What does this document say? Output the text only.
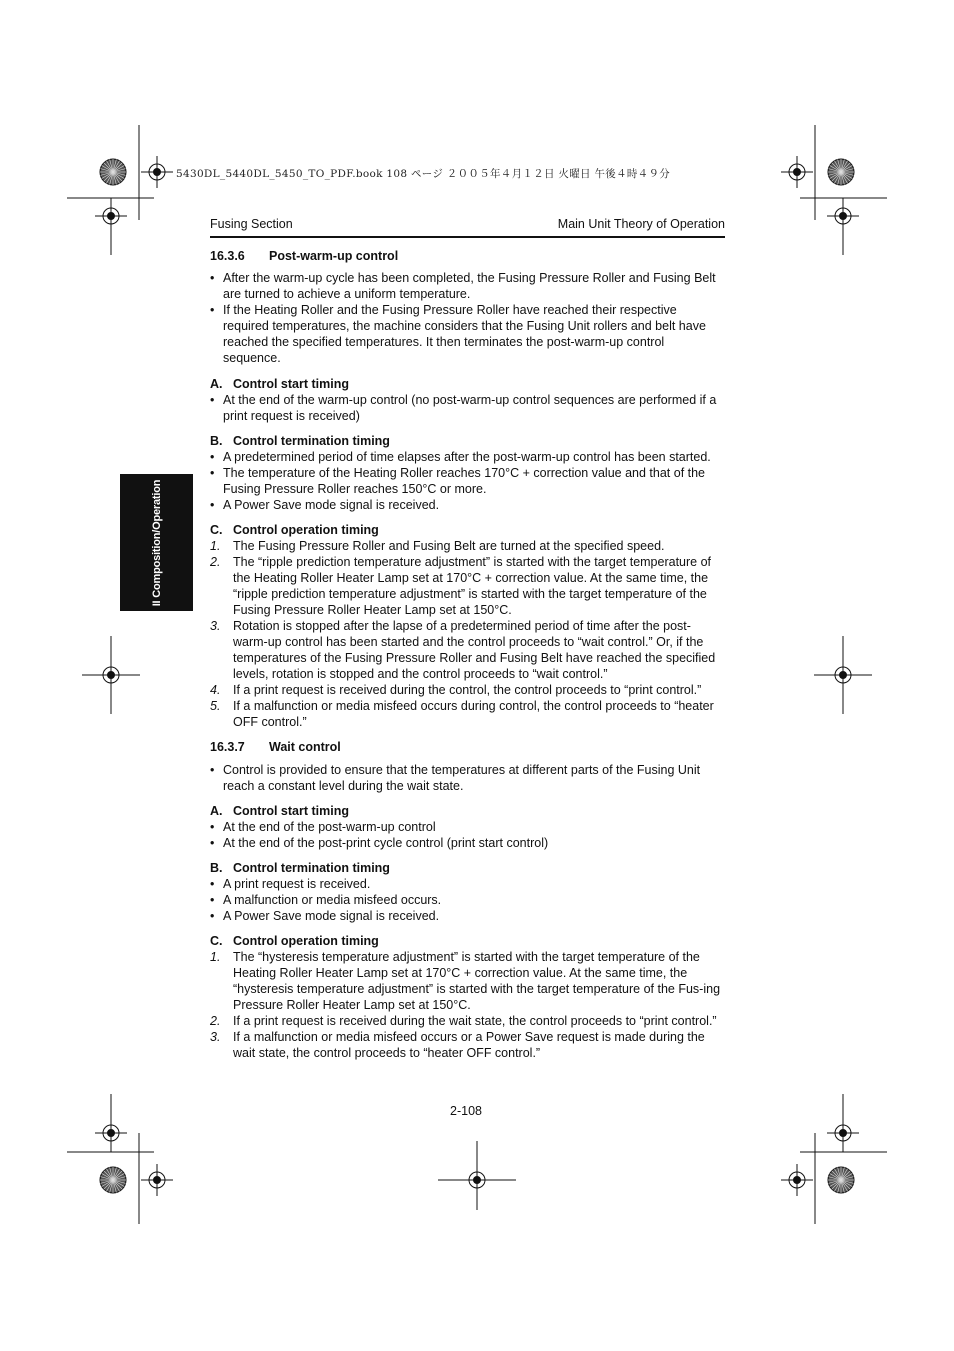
5430DL_5440DL_5450_TO_PDF.book 108 ページ ２００５年４月１２日 火曜日 午後４時４９分
Fusing Section	Main Unit Theory of Operation
II Composition/Operation

16.3.6 Post-warm-up control

• After the warm-up cycle has been completed, the Fusing Pressure Roller and Fusing Belt are turned to achieve a uniform temperature.
• If the Heating Roller and the Fusing Pressure Roller have reached their respective required temperatures, the machine considers that the Fusing Unit rollers and belt have reached the specified temperatures. It then terminates the post-warm-up control sequence.

A. Control start timing

• At the end of the warm-up control (no post-warm-up control sequences are performed if a print request is received)

B. Control termination timing

• A predetermined period of time elapses after the post-warm-up control has been started.
• The temperature of the Heating Roller reaches 170°C + correction value and that of the Fusing Pressure Roller reaches 150°C or more.
• A Power Save mode signal is received.

C. Control operation timing

1. The Fusing Pressure Roller and Fusing Belt are turned at the specified speed.
2. The “ripple prediction temperature adjustment” is started with the target temperature of the Heating Roller Heater Lamp set at 170°C + correction value. At the same time, the “ripple prediction temperature adjustment” is started with the target temperature of the Fusing Pressure Roller Heater Lamp set at 150°C.
3. Rotation is stopped after the lapse of a predetermined period of time after the post-warm-up control has been started and the control proceeds to “wait control.” Or, if the temperatures of the Fusing Pressure Roller and Fusing Belt have reached the specified levels, rotation is stopped and the control proceeds to “wait control.”
4. If a print request is received during the control, the control proceeds to “print control.”
5. If a malfunction or media misfeed occurs during control, the control proceeds to “heater OFF control.”

16.3.7 Wait control

• Control is provided to ensure that the temperatures at different parts of the Fusing Unit reach a constant level during the wait state.

A. Control start timing

• At the end of the post-warm-up control
• At the end of the post-print cycle control (print start control)

B. Control termination timing

• A print request is received.
• A malfunction or media misfeed occurs.
• A Power Save mode signal is received.

C. Control operation timing

1. The “hysteresis temperature adjustment” is started with the target temperature of the Heating Roller Heater Lamp set at 170°C + correction value. At the same time, the “hysteresis temperature adjustment” is started with the target temperature of the Fus-ing Pressure Roller Heater Lamp set at 150°C.
2. If a print request is received during the wait state, the control proceeds to “print control.”
3. If a malfunction or media misfeed occurs or a Power Save request is made during the wait state, the control proceeds to “heater OFF control.”
2-108
